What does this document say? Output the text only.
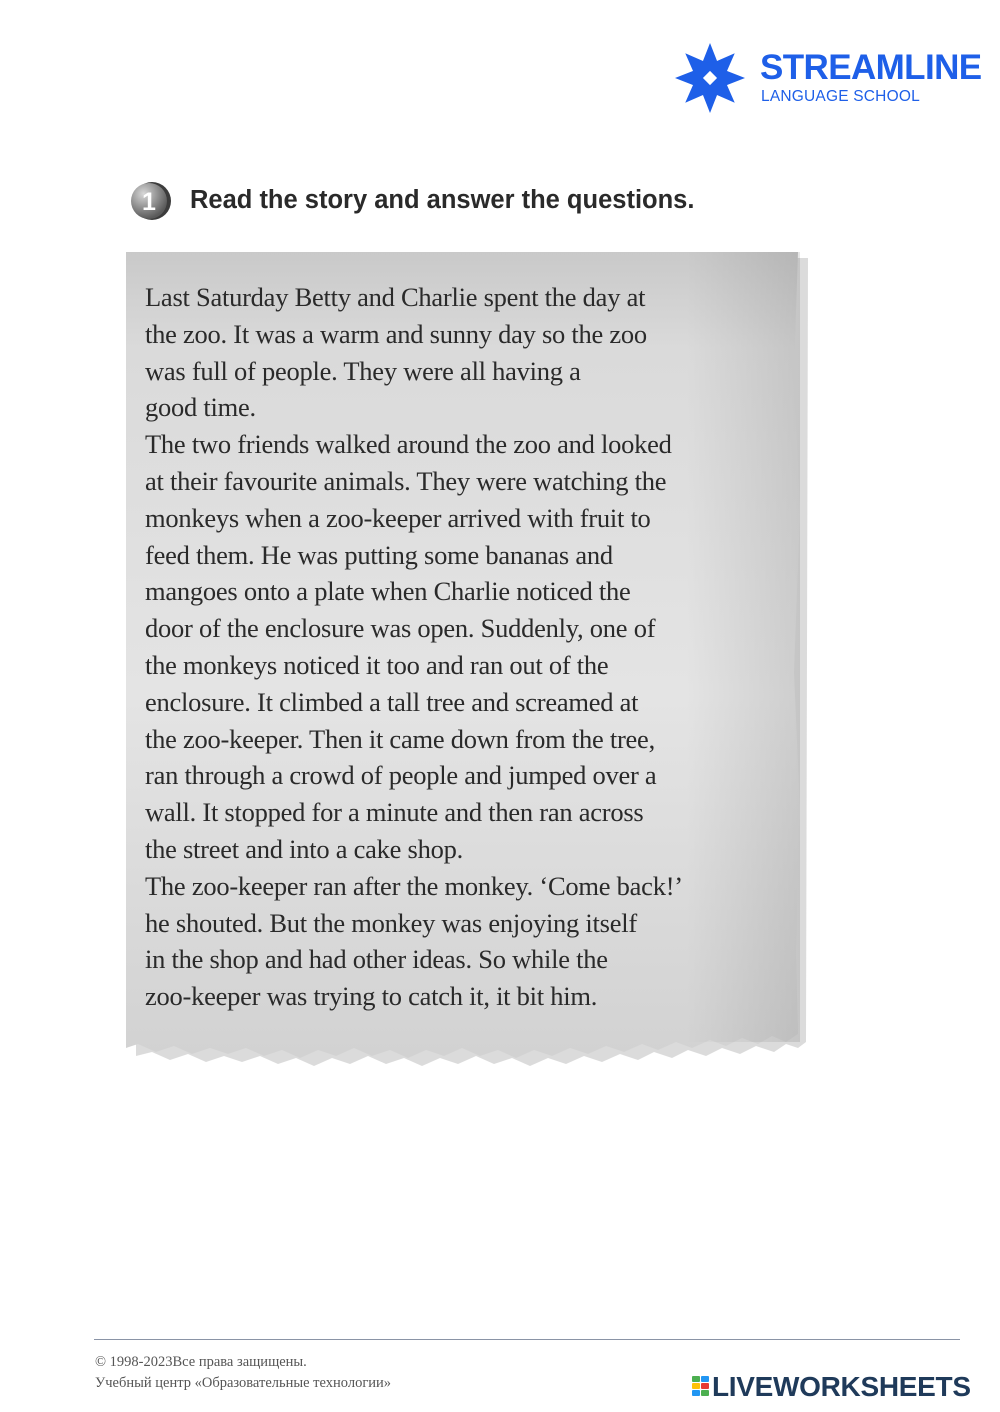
STREAMLINE
LANGUAGE SCHOOL
1 Read the story and answer the questions.
Last Saturday Betty and Charlie spent the day at
the zoo. It was a warm and sunny day so the zoo
was full of people. They were all having a
good time.
The two friends walked around the zoo and looked
at their favourite animals. They were watching the
monkeys when a zoo-keeper arrived with fruit to
feed them. He was putting some bananas and
mangoes onto a plate when Charlie noticed the
door of the enclosure was open. Suddenly, one of
the monkeys noticed it too and ran out of the
enclosure. It climbed a tall tree and screamed at
the zoo-keeper. Then it came down from the tree,
ran through a crowd of people and jumped over a
wall. It stopped for a minute and then ran across
the street and into a cake shop.
The zoo-keeper ran after the monkey. ‘Come back!’
he shouted. But the monkey was enjoying itself
in the shop and had other ideas. So while the
zoo-keeper was trying to catch it, it bit him.
© 1998-2023Все права защищены.
Учебный центр «Образовательные технологии»	LIVEWORKSHEETS
